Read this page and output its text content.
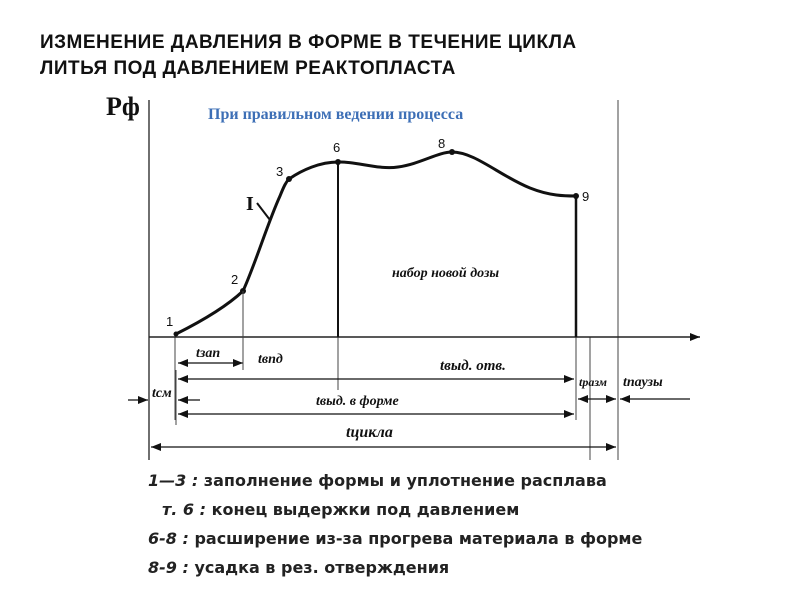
ИЗМЕНЕНИЕ ДАВЛЕНИЯ В ФОРМЕ В ТЕЧЕНИЕ ЦИКЛА
ЛИТЬЯ ПОД ДАВЛЕНИЕМ РЕАКТОПЛАСТА
1
2
3
6	8
9
I
Рф	При правильном ведении процесса
набор новой дозы
tзап	tвпд	tвыд. отв.
tразм tпаузы
tсм
tвыд. в форме
tцикла
1—3 : заполнение формы и уплотнение расплава
т. 6 : конец выдержки под давлением
6-8 : расширение из-за прогрева материала в форме
8-9 : усадка в рез. отверждения
